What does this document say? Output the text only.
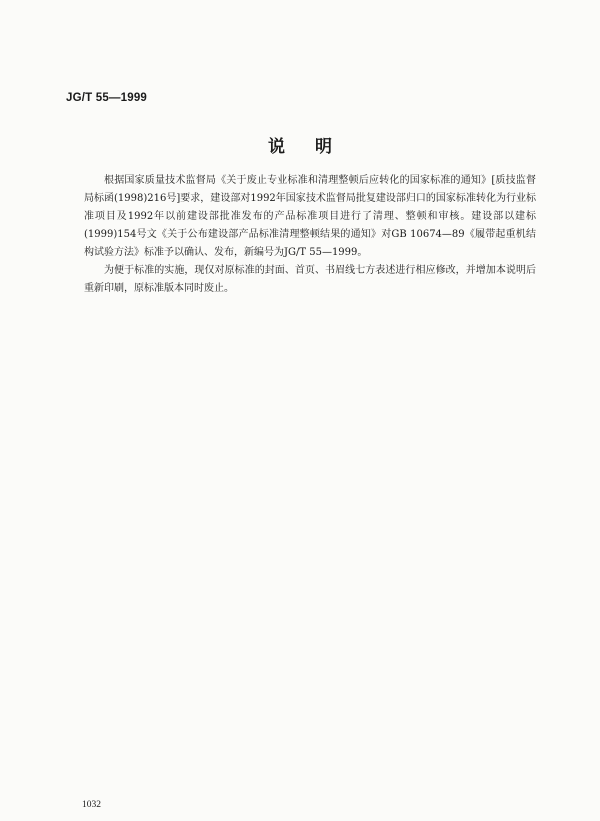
JG/T 55—1999
说明

根据国家质量技术监督局《关于废止专业标准和清理整顿后应转化的国家标准的通知》[质技监督局标函(1998)216号]要求，建设部对1992年国家技术监督局批复建设部归口的国家标准转化为行业标准项目及1992年以前建设部批准发布的产品标准项目进行了清理、整顿和审核。建设部以建标(1999)154号文《关于公布建设部产品标准清理整顿结果的通知》对GB 10674—89《履带起重机结构试验方法》标准予以确认、发布，新编号为JG/T 55—1999。

为便于标准的实施，现仅对原标准的封面、首页、书眉线七方表述进行相应修改，并增加本说明后重新印刷，原标准版本同时废止。

1032
